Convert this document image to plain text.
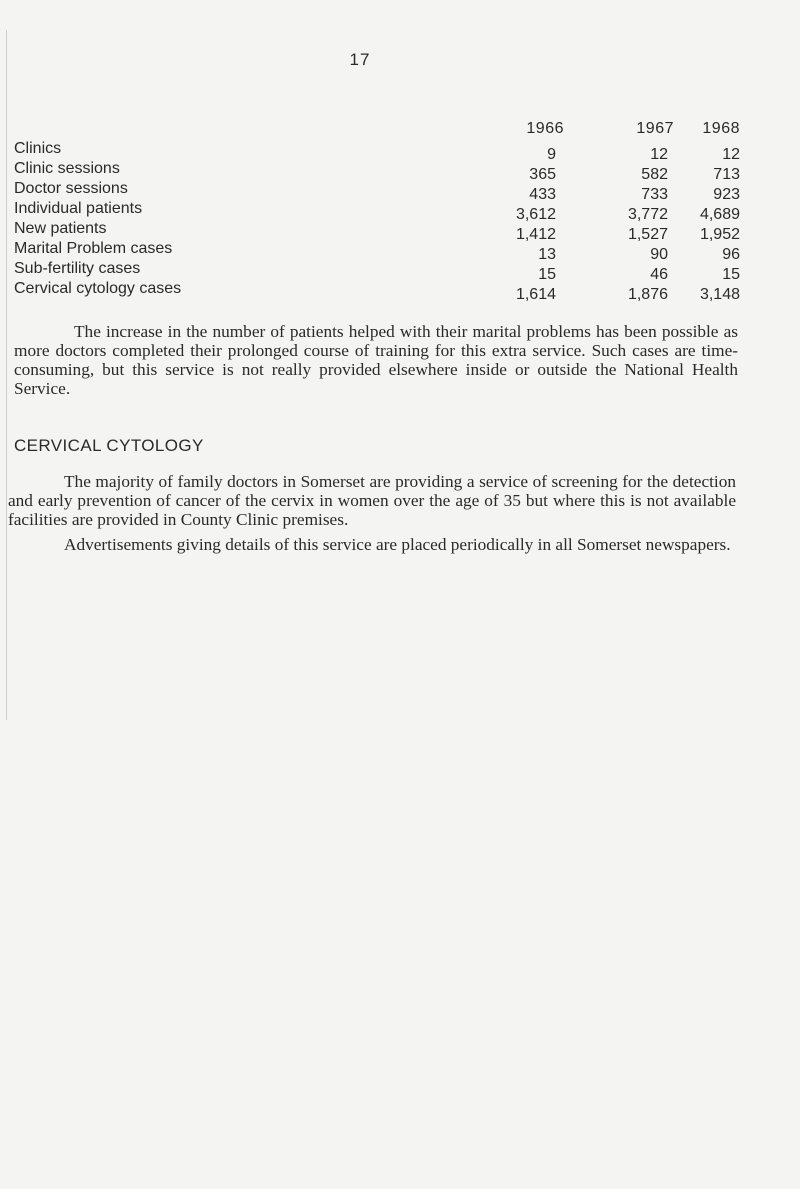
17
1966	1967	1968
Clinics
Clinic sessions
Doctor sessions
Individual patients
New patients
Marital Problem cases
Sub-fertility cases
Cervical cytology cases
9
365
433
3,612
1,412
13
15
1,614
12
582
733
3,772
1,527
90
46
1,876
12
713
923
4,689
1,952
96
15
3,148

The increase in the number of patients helped with their marital problems has been possible as more doctors completed their prolonged course of training for this extra service. Such cases are time-consuming, but this service is not really provided elsewhere inside or outside the National Health Service.

CERVICAL CYTOLOGY

The majority of family doctors in Somerset are providing a service of screening for the detection and early prevention of cancer of the cervix in women over the age of 35 but where this is not available facilities are provided in County Clinic premises.

Advertisements giving details of this service are placed periodically in all Somerset newspapers.
